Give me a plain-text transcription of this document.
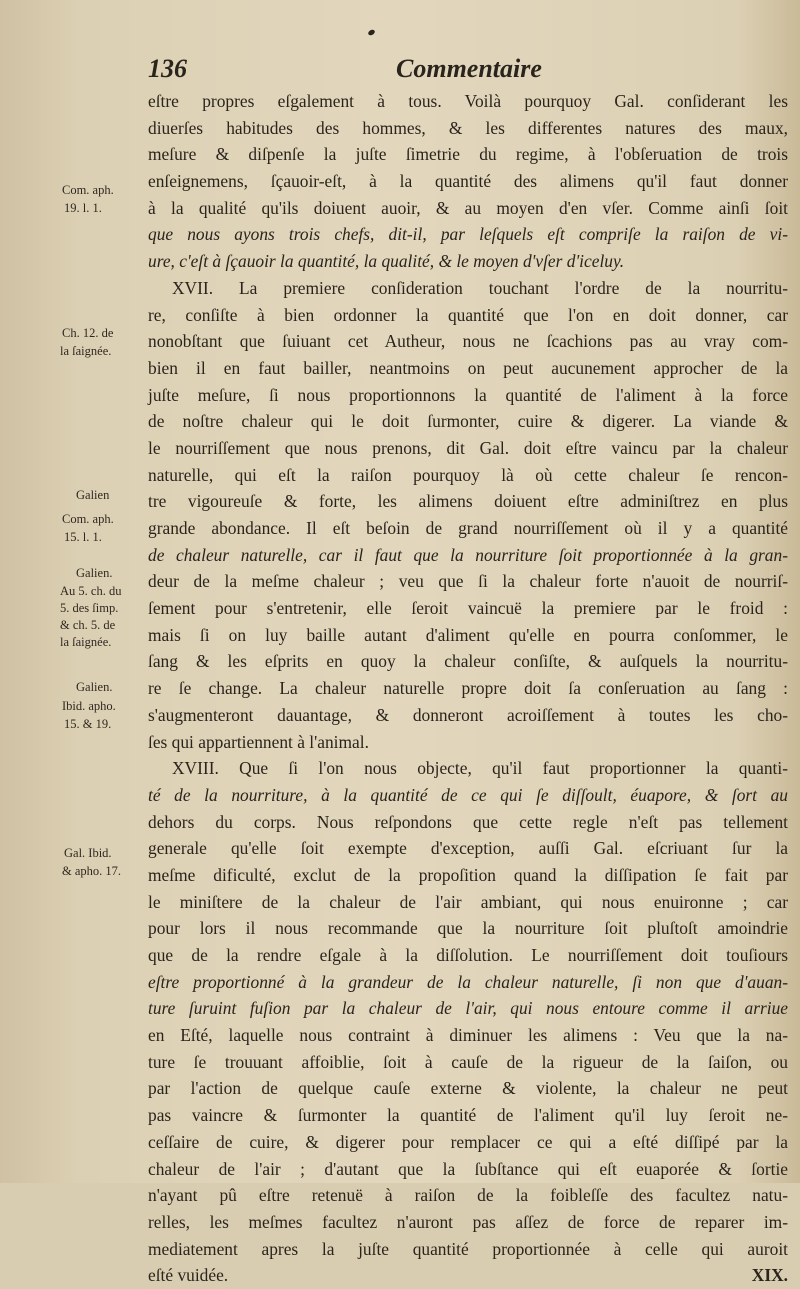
136	Commentaire
Com. aph.
19. l. 1.
Ch. 12. de
la ſaignée.
Galien
Com. aph.
15. l. 1.
Galien.
Au 5. ch. du
5. des ſimp.
& ch. 5. de
la ſaignée.
Galien.
Ibid. apho.
15. & 19.
Gal. Ibid.
& apho. 17.
eſtre propres eſgalement à tous. Voilà pourquoy Gal. conſiderant les
diuerſes habitudes des hommes, & les differentes natures des maux,
meſure & diſpenſe la juſte ſimetrie du regime, à l'obſeruation de trois
enſeignemens, ſçauoir-eſt, à la quantité des alimens qu'il faut donner
à la qualité qu'ils doiuent auoir, & au moyen d'en vſer. Comme ainſi ſoit
que nous ayons trois chefs, dit-il, par leſquels eſt compriſe la raiſon de vi-
ure, c'eſt à ſçauoir la quantité, la qualité, & le moyen d'vſer d'iceluy.
XVII. La premiere conſideration touchant l'ordre de la nourritu-
re, conſiſte à bien ordonner la quantité que l'on en doit donner, car
nonobſtant que ſuiuant cet Autheur, nous ne ſcachions pas au vray com-
bien il en faut bailler, neantmoins on peut aucunement approcher de la
juſte meſure, ſi nous proportionnons la quantité de l'aliment à la force
de noſtre chaleur qui le doit ſurmonter, cuire & digerer. La viande &
le nourriſſement que nous prenons, dit Gal. doit eſtre vaincu par la chaleur
naturelle, qui eſt la raiſon pourquoy là où cette chaleur ſe rencon-
tre vigoureuſe & forte, les alimens doiuent eſtre adminiſtrez en plus
grande abondance. Il eſt beſoin de grand nourriſſement où il y a quantité
de chaleur naturelle, car il faut que la nourriture ſoit proportionnée à la gran-
deur de la meſme chaleur ; veu que ſi la chaleur forte n'auoit de nourriſ-
ſement pour s'entretenir, elle ſeroit vaincuë la premiere par le froid :
mais ſi on luy baille autant d'aliment qu'elle en pourra conſommer, le
ſang & les eſprits en quoy la chaleur conſiſte, & auſquels la nourritu-
re ſe change. La chaleur naturelle propre doit ſa conſeruation au ſang :
s'augmenteront dauantage, & donneront acroiſſement à toutes les cho-
ſes qui appartiennent à l'animal.
XVIII. Que ſi l'on nous objecte, qu'il faut proportionner la quanti-
té de la nourriture, à la quantité de ce qui ſe diſſoult, éuapore, & ſort au
dehors du corps. Nous reſpondons que cette regle n'eſt pas tellement
generale qu'elle ſoit exempte d'exception, auſſi Gal. eſcriuant ſur la
meſme dificulté, exclut de la propoſition quand la diſſipation ſe fait par
le miniſtere de la chaleur de l'air ambiant, qui nous enuironne ; car
pour lors il nous recommande que la nourriture ſoit pluſtoſt amoindrie
que de la rendre eſgale à la diſſolution. Le nourriſſement doit touſiours
eſtre proportionné à la grandeur de la chaleur naturelle, ſi non que d'auan-
ture ſuruint fuſion par la chaleur de l'air, qui nous entoure comme il arriue
en Eſté, laquelle nous contraint à diminuer les alimens : Veu que la na-
ture ſe trouuant affoiblie, ſoit à cauſe de la rigueur de la ſaiſon, ou
par l'action de quelque cauſe externe & violente, la chaleur ne peut
pas vaincre & ſurmonter la quantité de l'aliment qu'il luy ſeroit ne-
ceſſaire de cuire, & digerer pour remplacer ce qui a eſté diſſipé par la
chaleur de l'air ; d'autant que la ſubſtance qui eſt euaporée & ſortie
n'ayant pû eſtre retenuë à raiſon de la foibleſſe des facultez natu-
relles, les meſmes facultez n'auront pas aſſez de force de reparer im-
mediatement apres la juſte quantité proportionnée à celle qui auroit
eſté vuidée.	XIX.
